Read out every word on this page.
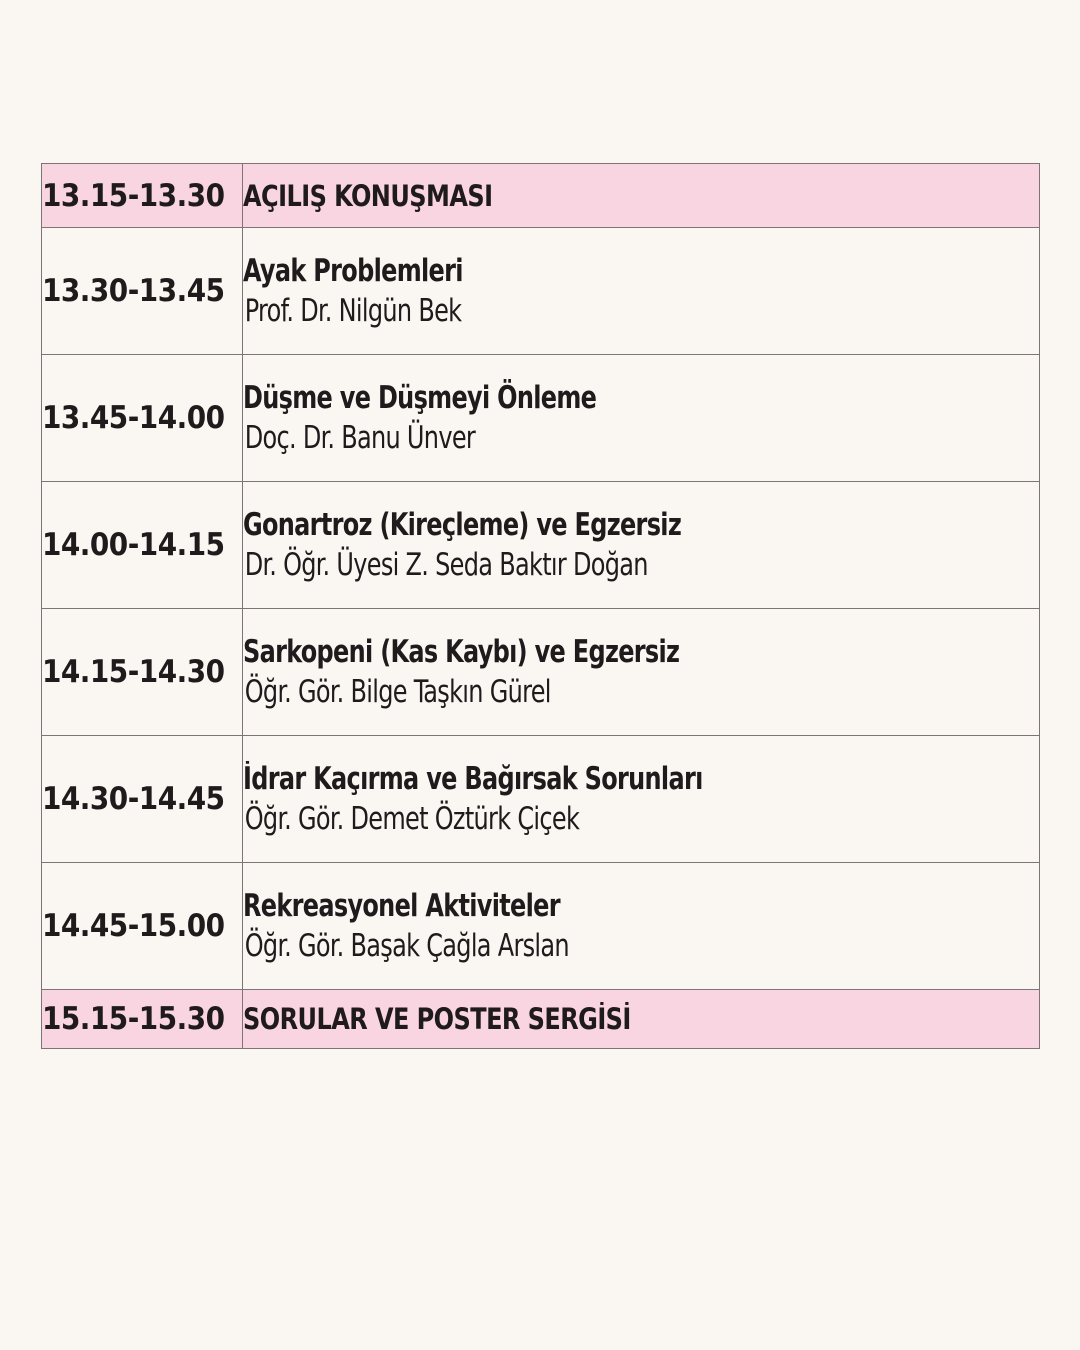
13.15-13.30	AÇILIŞ KONUŞMASI
13.30-13.45	Ayak Problemleri
Prof. Dr. Nilgün Bek

13.45-14.00	Düşme ve Düşmeyi Önleme
Doç. Dr. Banu Ünver

14.00-14.15	Gonartroz (Kireçleme) ve Egzersiz
Dr. Öğr. Üyesi Z. Seda Baktır Doğan

14.15-14.30	Sarkopeni (Kas Kaybı) ve Egzersiz
Öğr. Gör. Bilge Taşkın Gürel

14.30-14.45	İdrar Kaçırma ve Bağırsak Sorunları
Öğr. Gör. Demet Öztürk Çiçek

14.45-15.00	Rekreasyonel Aktiviteler
Öğr. Gör. Başak Çağla Arslan

15.15-15.30	SORULAR VE POSTER SERGİSİ
